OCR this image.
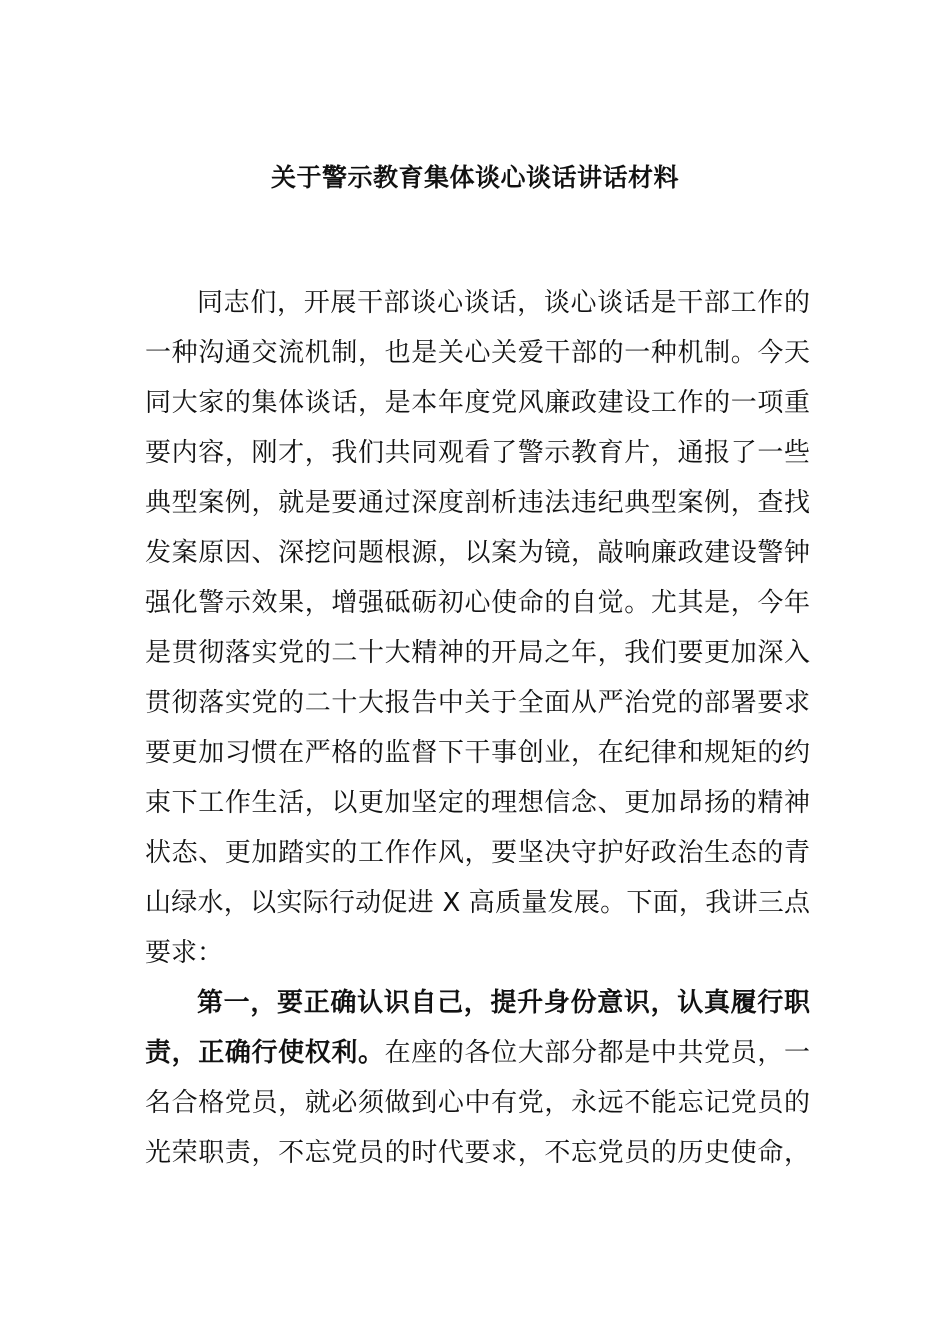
关于警示教育集体谈心谈话讲话材料
同志们，开展干部谈心谈话，谈心谈话是干部工作的
一种沟通交流机制，也是关心关爱干部的一种机制。今天
同大家的集体谈话，是本年度党风廉政建设工作的一项重
要内容，刚才，我们共同观看了警示教育片，通报了一些
典型案例，就是要通过深度剖析违法违纪典型案例，查找
发案原因、深挖问题根源，以案为镜，敲响廉政建设警钟
强化警示效果，增强砥砺初心使命的自觉。尤其是，今年
是贯彻落实党的二十大精神的开局之年，我们要更加深入
贯彻落实党的二十大报告中关于全面从严治党的部署要求
要更加习惯在严格的监督下干事创业，在纪律和规矩的约
束下工作生活，以更加坚定的理想信念、更加昂扬的精神
状态、更加踏实的工作作风，要坚决守护好政治生态的青
山绿水，以实际行动促进 X 高质量发展。下面，我讲三点
要求：
第一，要正确认识自己，提升身份意识，认真履行职
责，正确行使权利。在座的各位大部分都是中共党员，一
名合格党员，就必须做到心中有党，永远不能忘记党员的
光荣职责，不忘党员的时代要求，不忘党员的历史使命，
